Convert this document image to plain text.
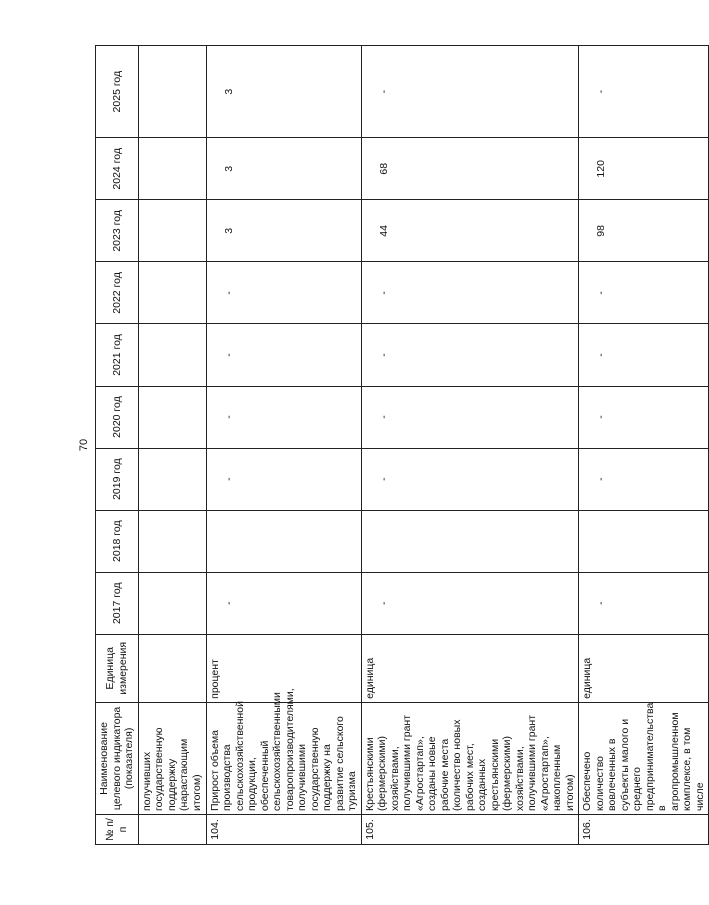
70
№ п/п	Наименование целевого индикатора (показателя)	Единица измерения	2017 год	2018 год	2019 год	2020 год	2021 год	2022 год	2023 год	2024 год	2025 год
	получивших государственную поддержку (нарастающим итогом)										
104.	Прирост объема производства сельскохозяйственной продукции, обеспеченный сельскохозяйственными товаропроизводителями, получившими государственную поддержку на развитие сельского туризма	процент	-		-	-	-	-	3	3	3
105.	Крестьянскими (фермерскими) хозяйствами, получившими грант «Агростартап», созданы новые рабочие места (количество новых рабочих мест, созданных крестьянскими (фермерскими) хозяйствами, получившими грант «Агростартап», накопленным итогом)	единица	-		-	-	-	-	44	68	-
106.	Обеспечено количество вовлеченных в субъекты малого и среднего предпринимательства в агропромышленном комплексе, в том числе	единица	-		-	-	-	-	98	120	-
